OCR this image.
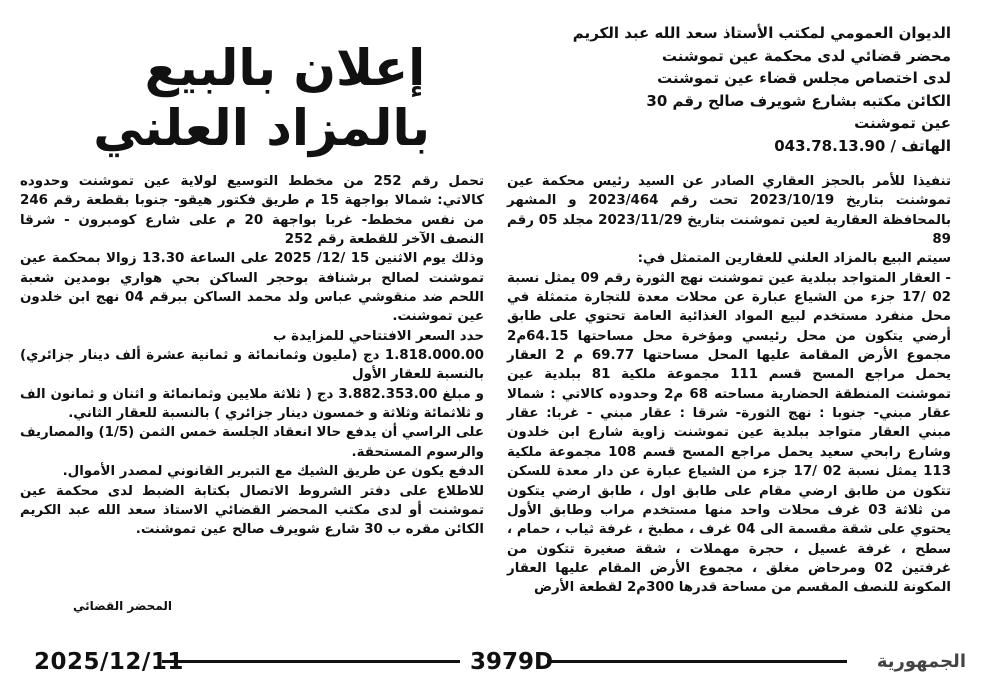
الديوان العمومي لمكتب الأستاذ سعد الله عبد الكريم
محضر قضائي لدى محكمة عين تموشنت
لدى اختصاص مجلس قضاء عين تموشنت
الكائن مكتبه بشارع شويرف صالح رقم 30
عين تموشنت
الهاتف / 043.78.13.90
إعلان بالبيع
بالمزاد العلني

تنفيذا للأمر بالحجز العقاري الصادر عن السيد رئيس محكمة عين تموشنت بتاريخ 2023/10/19 تحت رقم 2023/464 و المشهر بالمحافظة العقارية لعين تموشنت بتاريخ 2023/11/29 مجلد 05 رقم 89

سيتم البيع بالمزاد العلني للعقارين المتمثل في:

- العقار المتواجد ببلدية عين تموشنت نهج الثورة رقم 09 يمثل نسبة 02 /17 جزء من الشياع عبارة عن محلات معدة للتجارة متمثلة في محل منفرد مستخدم لبيع المواد الغذائية العامة تحتوي على طابق أرضي يتكون من محل رئيسي ومؤخرة محل مساحتها 64.15م2 مجموع الأرض المقامة عليها المحل مساحتها 69.77 م 2 العقار يحمل مراجع المسح قسم 111 مجموعة ملكية 81 ببلدية عين تموشنت المنطقة الحضارية مساحته 68 م2 وحدوده كالاتي : شمالا عقار مبني- جنوبا : نهج الثورة- شرقا : عقار مبني - غربا: عقار مبني العقار متواجد ببلدية عين تموشنت زاوية شارع ابن خلدون وشارع رابحي سعيد يحمل مراجع المسح قسم 108 مجموعة ملكية 113 يمثل نسبة 02 /17 جزء من الشياع عبارة عن دار معدة للسكن تتكون من طابق ارضي مقام على طابق اول ، طابق ارضي يتكون من ثلاثة 03 غرف محلات واحد منها مستخدم مراب وطابق الأول يحتوي على شقة مقسمة الى 04 غرف ، مطبخ ، غرفة ثياب ، حمام ، سطح ، غرفة غسيل ، حجرة مهملات ، شقة صغيرة تتكون من غرفتين 02 ومرحاض مغلق ، مجموع الأرض المقام عليها العقار المكونة للنصف المقسم من مساحة قدرها 300م2 لقطعة الأرض

تحمل رقم 252 من مخطط التوسيع لولاية عين تموشنت وحدوده كالاتي: شمالا بواجهة 15 م طريق فكتور هيقو- جنوبا بقطعة رقم 246 من نفس مخطط- غربا بواجهة 20 م على شارع كومبرون - شرقا النصف الآخر للقطعة رقم 252

وذلك يوم الاثنين 15 /12/ 2025 على الساعة 13.30 زوالا بمحكمة عين تموشنت لصالح برشنافة بوحجر الساكن بحي هواري بومدين شعبة اللحم ضد منقوشي عباس ولد محمد الساكن ببرقم 04 نهج ابن خلدون عين تموشنت.

حدد السعر الافتتاحي للمزايدة ب

1.818.000.00 دج (مليون وثمانمائة و ثمانية عشرة ألف دينار جزائري) بالنسبة للعقار الأول

و مبلغ 3.882.353.00 دج ( ثلاثة ملايين وثمانمائة و اثنان و ثمانون الف و ثلاثمائة وثلاثة و خمسون دينار جزائري ) بالنسبة للعقار الثاني.

على الراسي أن يدفع حالا انعقاد الجلسة خمس الثمن (1/5) والمصاريف والرسوم المستحقة.

الدفع يكون عن طريق الشيك مع التبرير القانوني لمصدر الأموال.

للاطلاع على دفتر الشروط الاتصال بكتابة الضبط لدى محكمة عين تموشنت أو لدى مكتب المحضر القضائي الاستاذ سعد الله عبد الكريم الكائن مقره ب 30 شارع شويرف صالح عين تموشنت.

المحضر القضائي
2025/12/11	3979D	الجمهورية
